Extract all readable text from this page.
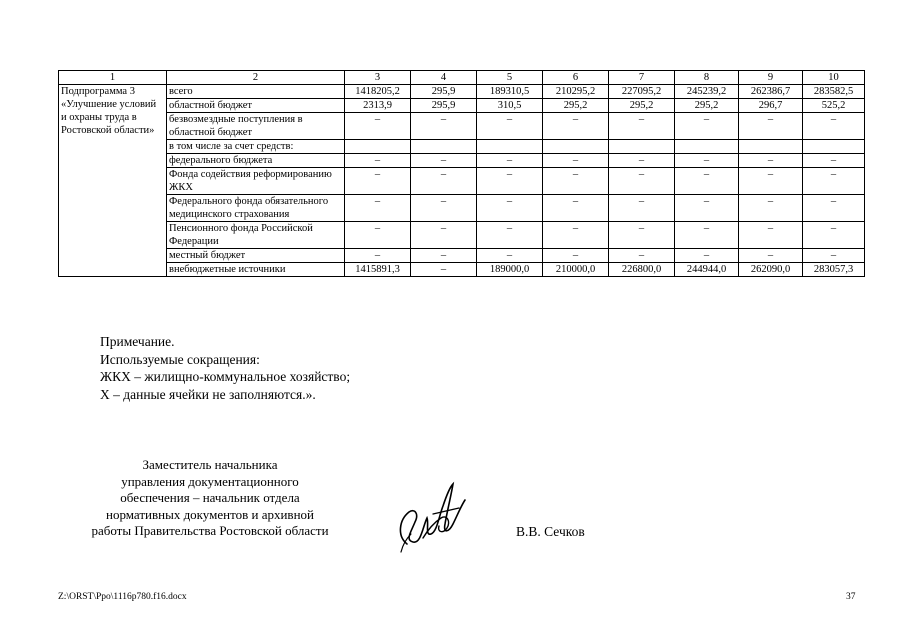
1	2	3	4	5	6	7	8	9	10
Подпрограмма 3 «Улучшение условий и охраны труда в Ростовской области»	всего	1418205,2	295,9	189310,5	210295,2	227095,2	245239,2	262386,7	283582,5
	областной бюджет	2313,9	295,9	310,5	295,2	295,2	295,2	296,7	525,2
	безвозмездные поступления в областной бюджет	–	–	–	–	–	–	–	–
	в том числе за счет средств:								
	федерального бюджета	–	–	–	–	–	–	–	–
	Фонда содействия реформированию ЖКХ	–	–	–	–	–	–	–	–
	Федерального фонда обязательного медицинского страхования	–	–	–	–	–	–	–	–
	Пенсионного фонда Российской Федерации	–	–	–	–	–	–	–	–
	местный бюджет	–	–	–	–	–	–	–	–
	внебюджетные источники	1415891,3	–	189000,0	210000,0	226800,0	244944,0	262090,0	283057,3
Примечание.
Используемые сокращения:
ЖКХ – жилищно-коммунальное хозяйство;
Х – данные ячейки не заполняются.».
Заместитель начальника
управления документационного
обеспечения – начальник отдела
нормативных документов и архивной
работы Правительства Ростовской области	В.В. Сечков
Z:\ORST\Ppo\1116p780.f16.docx	37
